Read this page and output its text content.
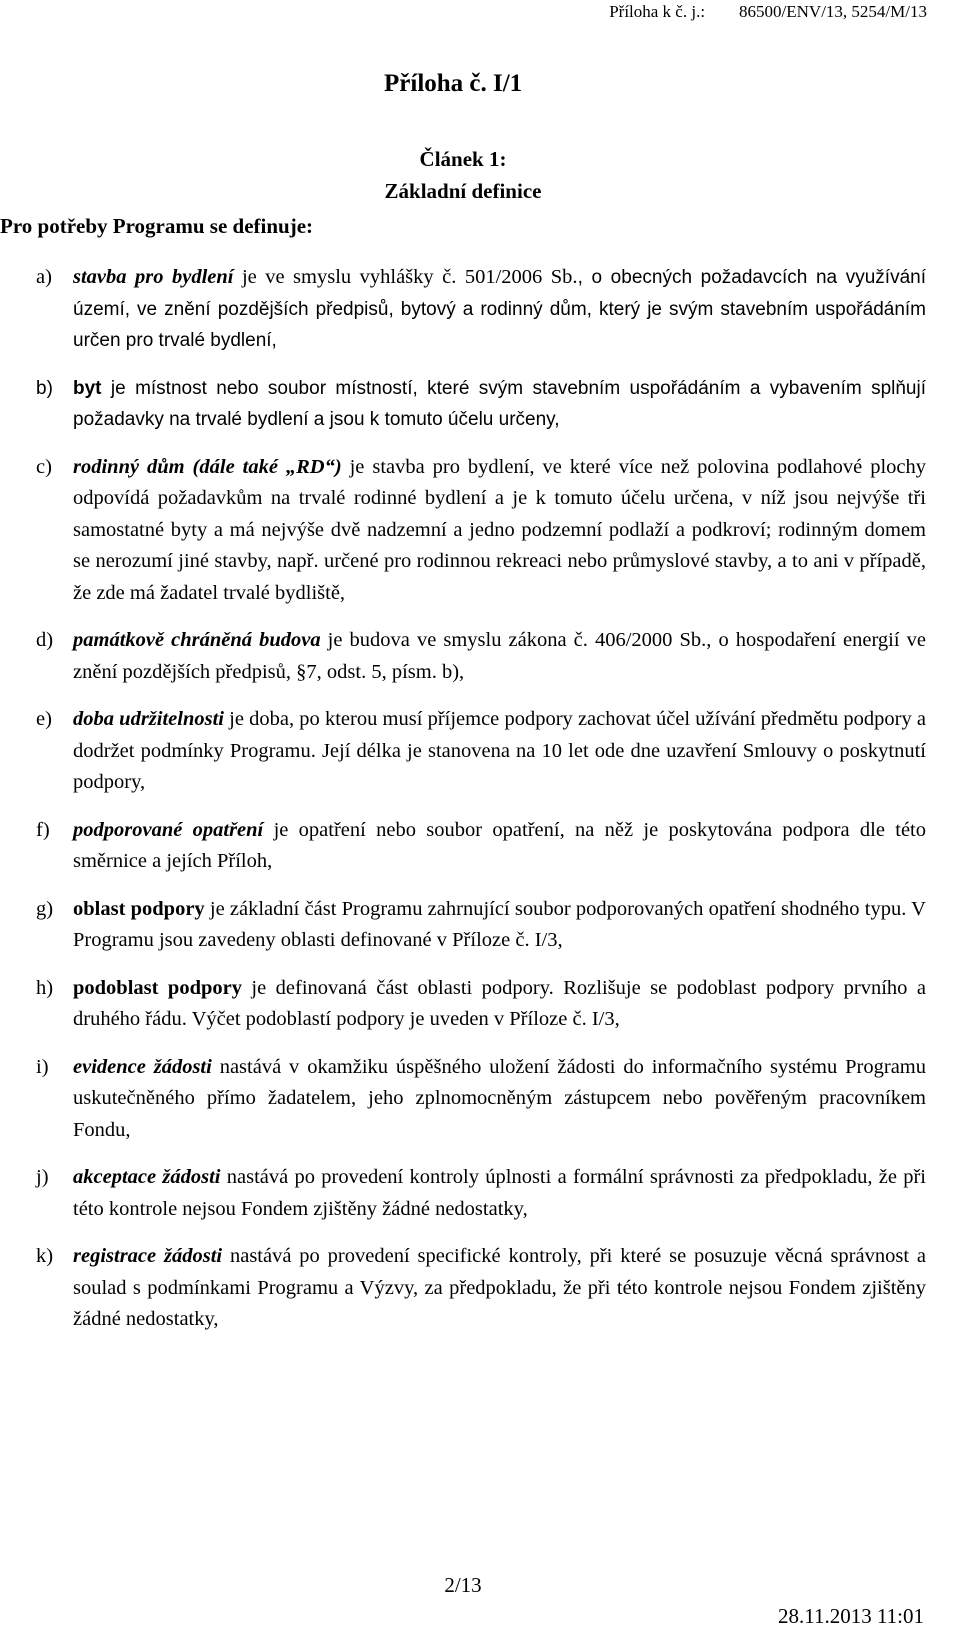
Příloha k č. j.:        86500/ENV/13, 5254/M/13
Příloha č. I/1
Článek 1:
Základní definice
Pro potřeby Programu se definuje:
a) stavba pro bydlení je ve smyslu vyhlášky č. 501/2006 Sb., o obecných požadavcích na využívání území, ve znění pozdějších předpisů, bytový a rodinný dům, který je svým stavebním uspořádáním určen pro trvalé bydlení,
b) byt je místnost nebo soubor místností, které svým stavebním uspořádáním a vybavením splňují požadavky na trvalé bydlení a jsou k tomuto účelu určeny,
c) rodinný dům (dále také „RD“) je stavba pro bydlení, ve které více než polovina podlahové plochy odpovídá požadavkům na trvalé rodinné bydlení a je k tomuto účelu určena, v níž jsou nejvýše tři samostatné byty a má nejvýše dvě nadzemní a jedno podzemní podlaží a podkroví; rodinným domem se nerozumí jiné stavby, např. určené pro rodinnou rekreaci nebo průmyslové stavby, a to ani v případě, že zde má žadatel trvalé bydliště,
d) památkově chráněná budova je budova ve smyslu zákona č. 406/2000 Sb., o hospodaření energií ve znění pozdějších předpisů, §7, odst. 5, písm. b),
e) doba udržitelnosti je doba, po kterou musí příjemce podpory zachovat účel užívání předmětu podpory a dodržet podmínky Programu. Její délka je stanovena na 10 let ode dne uzavření Smlouvy o poskytnutí podpory,
f) podporované opatření je opatření nebo soubor opatření, na něž je poskytována podpora dle této směrnice a jejích Příloh,
g) oblast podpory je základní část Programu zahrnující soubor podporovaných opatření shodného typu. V Programu jsou zavedeny oblasti definované v Příloze č. I/3,
h) podoblast podpory je definovaná část oblasti podpory. Rozlišuje se podoblast podpory prvního a druhého řádu. Výčet podoblastí podpory je uveden v Příloze č. I/3,
i) evidence žádosti nastává v okamžiku úspěšného uložení žádosti do informačního systému Programu uskutečněného přímo žadatelem, jeho zplnomocněným zástupcem nebo pověřeným pracovníkem Fondu,
j) akceptace žádosti nastává po provedení kontroly úplnosti a formální správnosti za předpokladu, že při této kontrole nejsou Fondem zjištěny žádné nedostatky,
k) registrace žádosti nastává po provedení specifické kontroly, při které se posuzuje věcná správnost a soulad s podmínkami Programu a Výzvy, za předpokladu, že při této kontrole nejsou Fondem zjištěny žádné nedostatky,
2/13
28.11.2013 11:01
